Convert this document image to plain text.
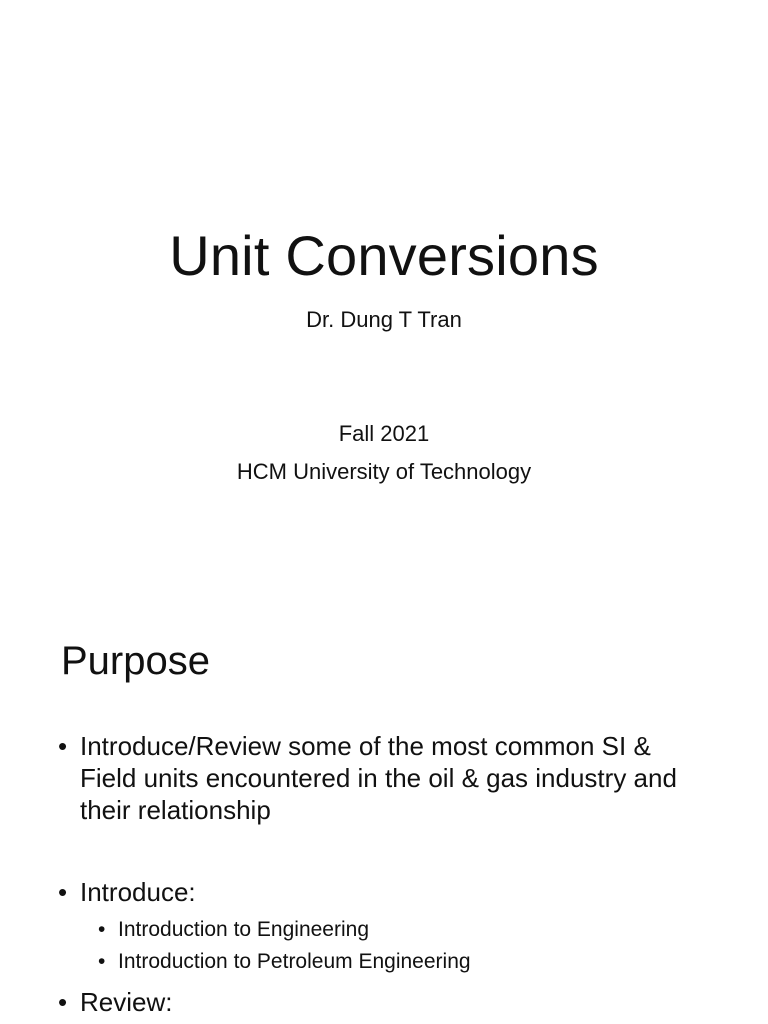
Unit Conversions
Dr. Dung T Tran
Fall 2021
HCM University of Technology
Purpose
• Introduce/Review some of the most common SI & Field units encountered in the oil & gas industry and their relationship
• Introduce:
• Introduction to Engineering
• Introduction to Petroleum Engineering
• Review:
